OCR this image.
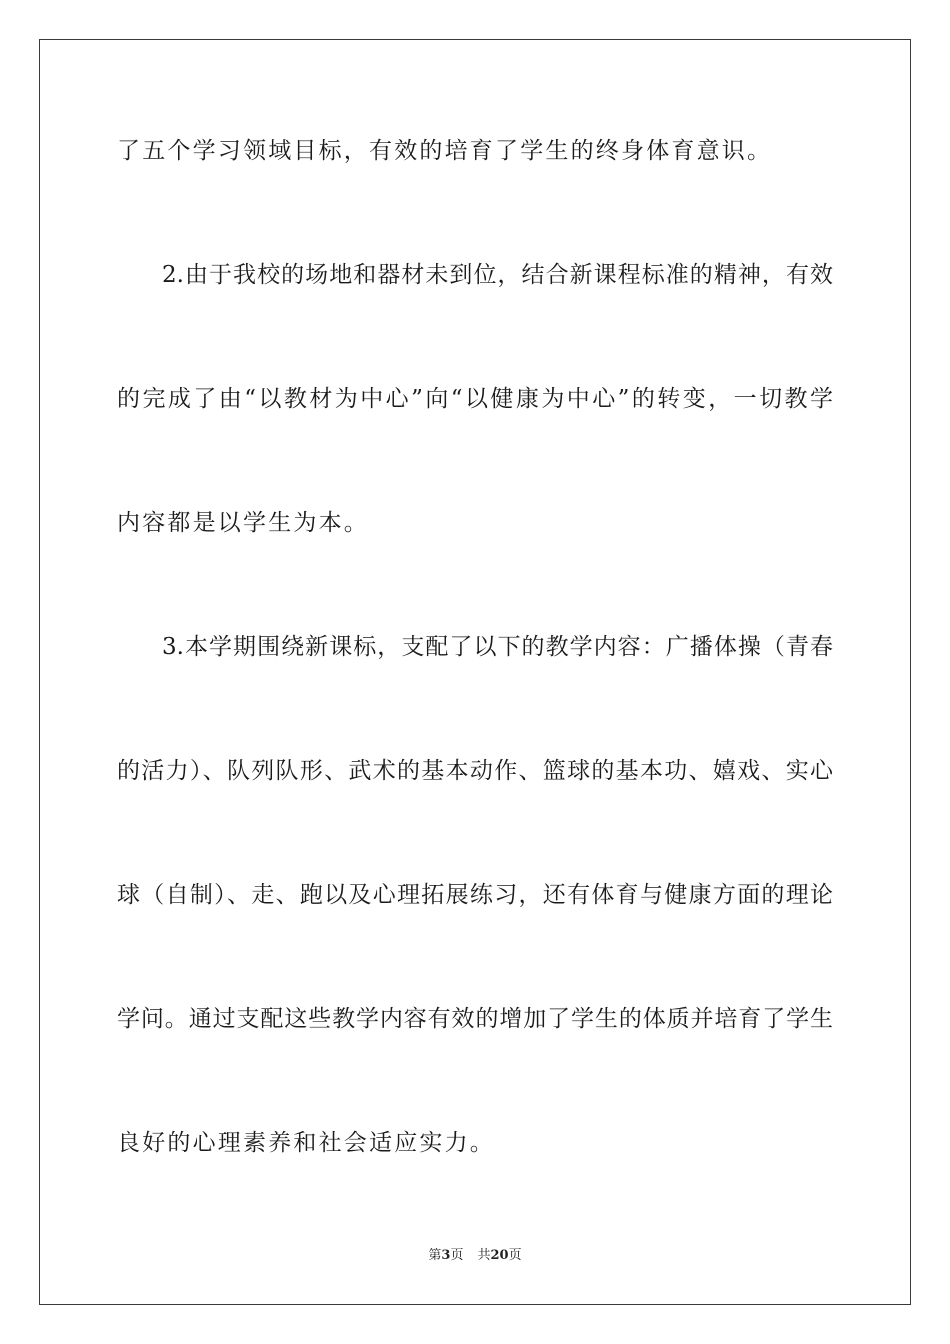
了五个学习领域目标，有效的培育了学生的终身体育意识。
2.由于我校的场地和器材未到位，结合新课程标准的精神，有效
的完成了由“以教材为中心”向“以健康为中心”的转变，一切教学
内容都是以学生为本。
3.本学期围绕新课标，支配了以下的教学内容：广播体操（青春
的活力）、队列队形、武术的基本动作、篮球的基本功、嬉戏、实心
球（自制）、走、跑以及心理拓展练习，还有体育与健康方面的理论
学问。通过支配这些教学内容有效的增加了学生的体质并培育了学生
良好的心理素养和社会适应实力。
第3页 共20页
